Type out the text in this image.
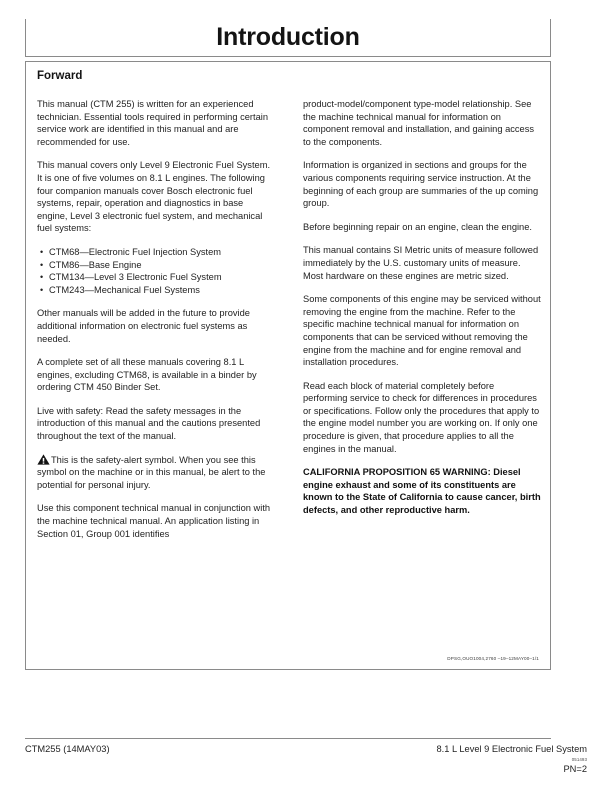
Introduction
Forward

This manual (CTM 255) is written for an experienced technician. Essential tools required in performing certain service work are identified in this manual and are recommended for use.

This manual covers only Level 9 Electronic Fuel System. It is one of five volumes on 8.1 L engines. The following four companion manuals cover Bosch electronic fuel systems, repair, operation and diagnostics in base engine, Level 3 electronic fuel system, and mechanical fuel systems:

• CTM68—Electronic Fuel Injection System
• CTM86—Base Engine
• CTM134—Level 3 Electronic Fuel System
• CTM243—Mechanical Fuel Systems

Other manuals will be added in the future to provide additional information on electronic fuel systems as needed.

A complete set of all these manuals covering 8.1 L engines, excluding CTM68, is available in a binder by ordering CTM 450 Binder Set.

Live with safety: Read the safety messages in the introduction of this manual and the cautions presented throughout the text of the manual.

This is the safety-alert symbol. When you see this symbol on the machine or in this manual, be alert to the potential for personal injury.

Use this component technical manual in conjunction with the machine technical manual. An application listing in Section 01, Group 001 identifies

product-model/component type-model relationship. See the machine technical manual for information on component removal and installation, and gaining access to the components.

Information is organized in sections and groups for the various components requiring service instruction. At the beginning of each group are summaries of the up coming group.

Before beginning repair on an engine, clean the engine.

This manual contains SI Metric units of measure followed immediately by the U.S. customary units of measure. Most hardware on these engines are metric sized.

Some components of this engine may be serviced without removing the engine from the machine. Refer to the specific machine technical manual for information on components that can be serviced without removing the engine from the machine and for engine removal and installation procedures.

Read each block of material completely before performing service to check for differences in procedures or specifications. Follow only the procedures that apply to the engine model number you are working on. If only one procedure is given, that procedure applies to all the engines in the manual.

CALIFORNIA PROPOSITION 65 WARNING: Diesel engine exhaust and some of its constituents are known to the State of California to cause cancer, birth defects, and other reproductive harm.

DPSG,OUO1004,2760 –19–12MAY00–1/1
CTM255 (14MAY03)	8.1 L Level 9 Electronic Fuel System
051493
PN=2
